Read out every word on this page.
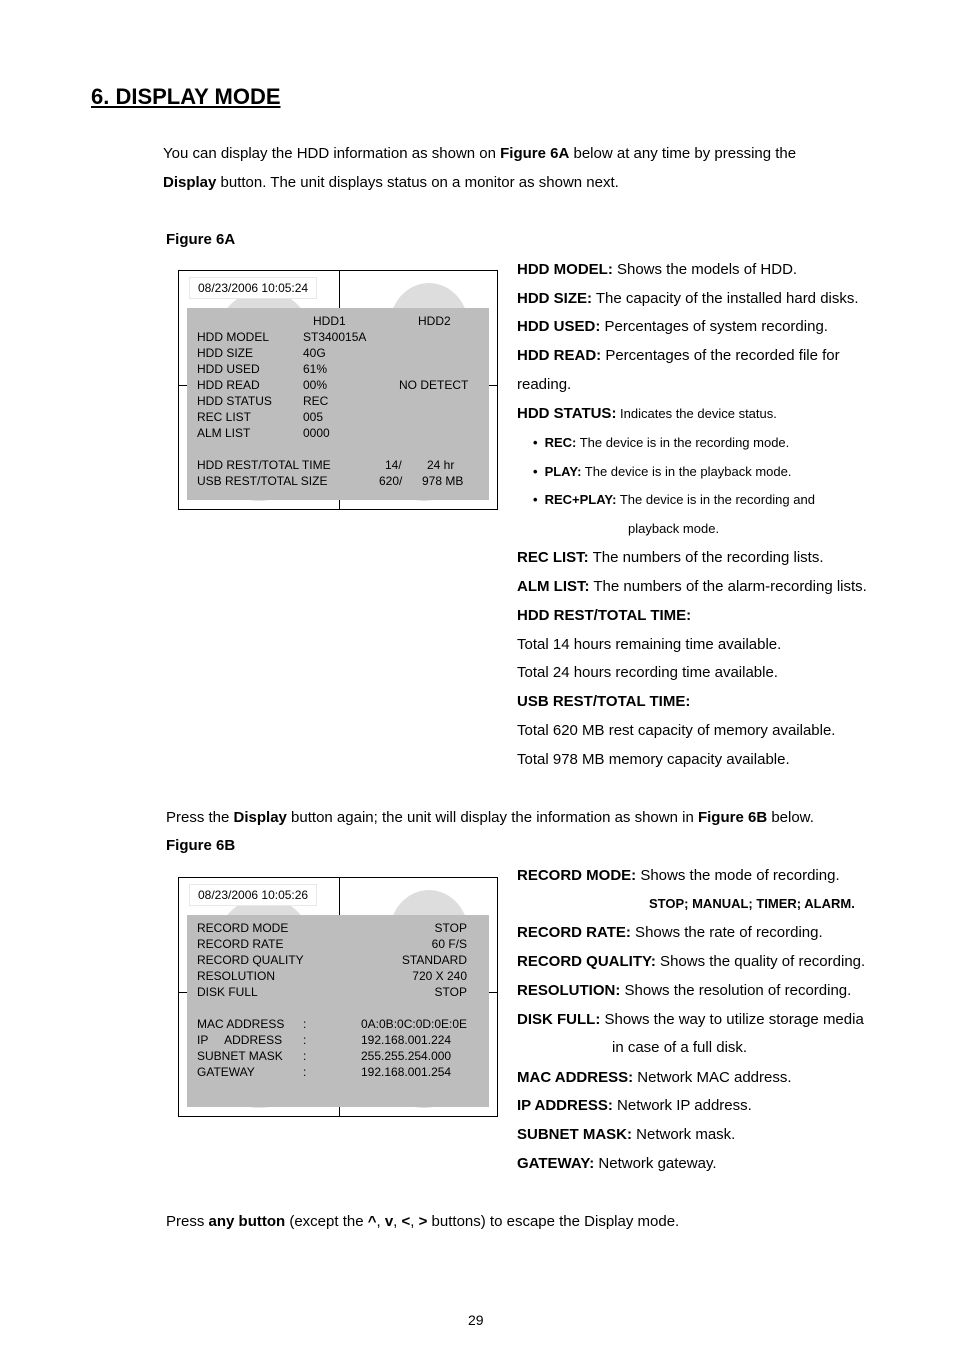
6. DISPLAY MODE
You can display the HDD information as shown on Figure 6A below at any time by pressing the
Display button. The unit displays status on a monitor as shown next.
Figure 6A
08/23/2006 10:05:24
HDD1	HDD2
HDD MODEL	ST340015A
HDD SIZE	40G
HDD USED	61%
HDD READ	00%	NO DETECT
HDD STATUS	REC
REC LIST	005
ALM LIST	0000
HDD REST/TOTAL TIME	14/ 24 hr
USB REST/TOTAL SIZE	620/ 978 MB
HDD MODEL: Shows the models of HDD.
HDD SIZE: The capacity of the installed hard disks.
HDD USED: Percentages of system recording.
HDD READ: Percentages of the recorded file for
reading.
HDD STATUS: Indicates the device status.
• REC: The device is in the recording mode.
• PLAY: The device is in the playback mode.
• REC+PLAY: The device is in the recording and
playback mode.
REC LIST: The numbers of the recording lists.
ALM LIST: The numbers of the alarm-recording lists.
HDD REST/TOTAL TIME:
Total 14 hours remaining time available.
Total 24 hours recording time available.
USB REST/TOTAL TIME:
Total 620 MB rest capacity of memory available.
Total 978 MB memory capacity available.
Press the Display button again; the unit will display the information as shown in Figure 6B below.
Figure 6B
08/23/2006 10:05:26
RECORD MODE	STOP
RECORD RATE	60 F/S
RECORD QUALITY	STANDARD
RESOLUTION	720 X 240
DISK FULL	STOP
MAC ADDRESS :	0A:0B:0C:0D:0E:0E
IP     ADDRESS :	192.168.001.224
SUBNET MASK :	255.255.254.000
GATEWAY	:	192.168.001.254
RECORD MODE: Shows the mode of recording.
STOP; MANUAL; TIMER; ALARM.
RECORD RATE: Shows the rate of recording.
RECORD QUALITY: Shows the quality of recording.
RESOLUTION: Shows the resolution of recording.
DISK FULL: Shows the way to utilize storage media
in case of a full disk.
MAC ADDRESS: Network MAC address.
IP ADDRESS: Network IP address.
SUBNET MASK: Network mask.
GATEWAY: Network gateway.
Press any button (except the ^, v, <, > buttons) to escape the Display mode.
29
